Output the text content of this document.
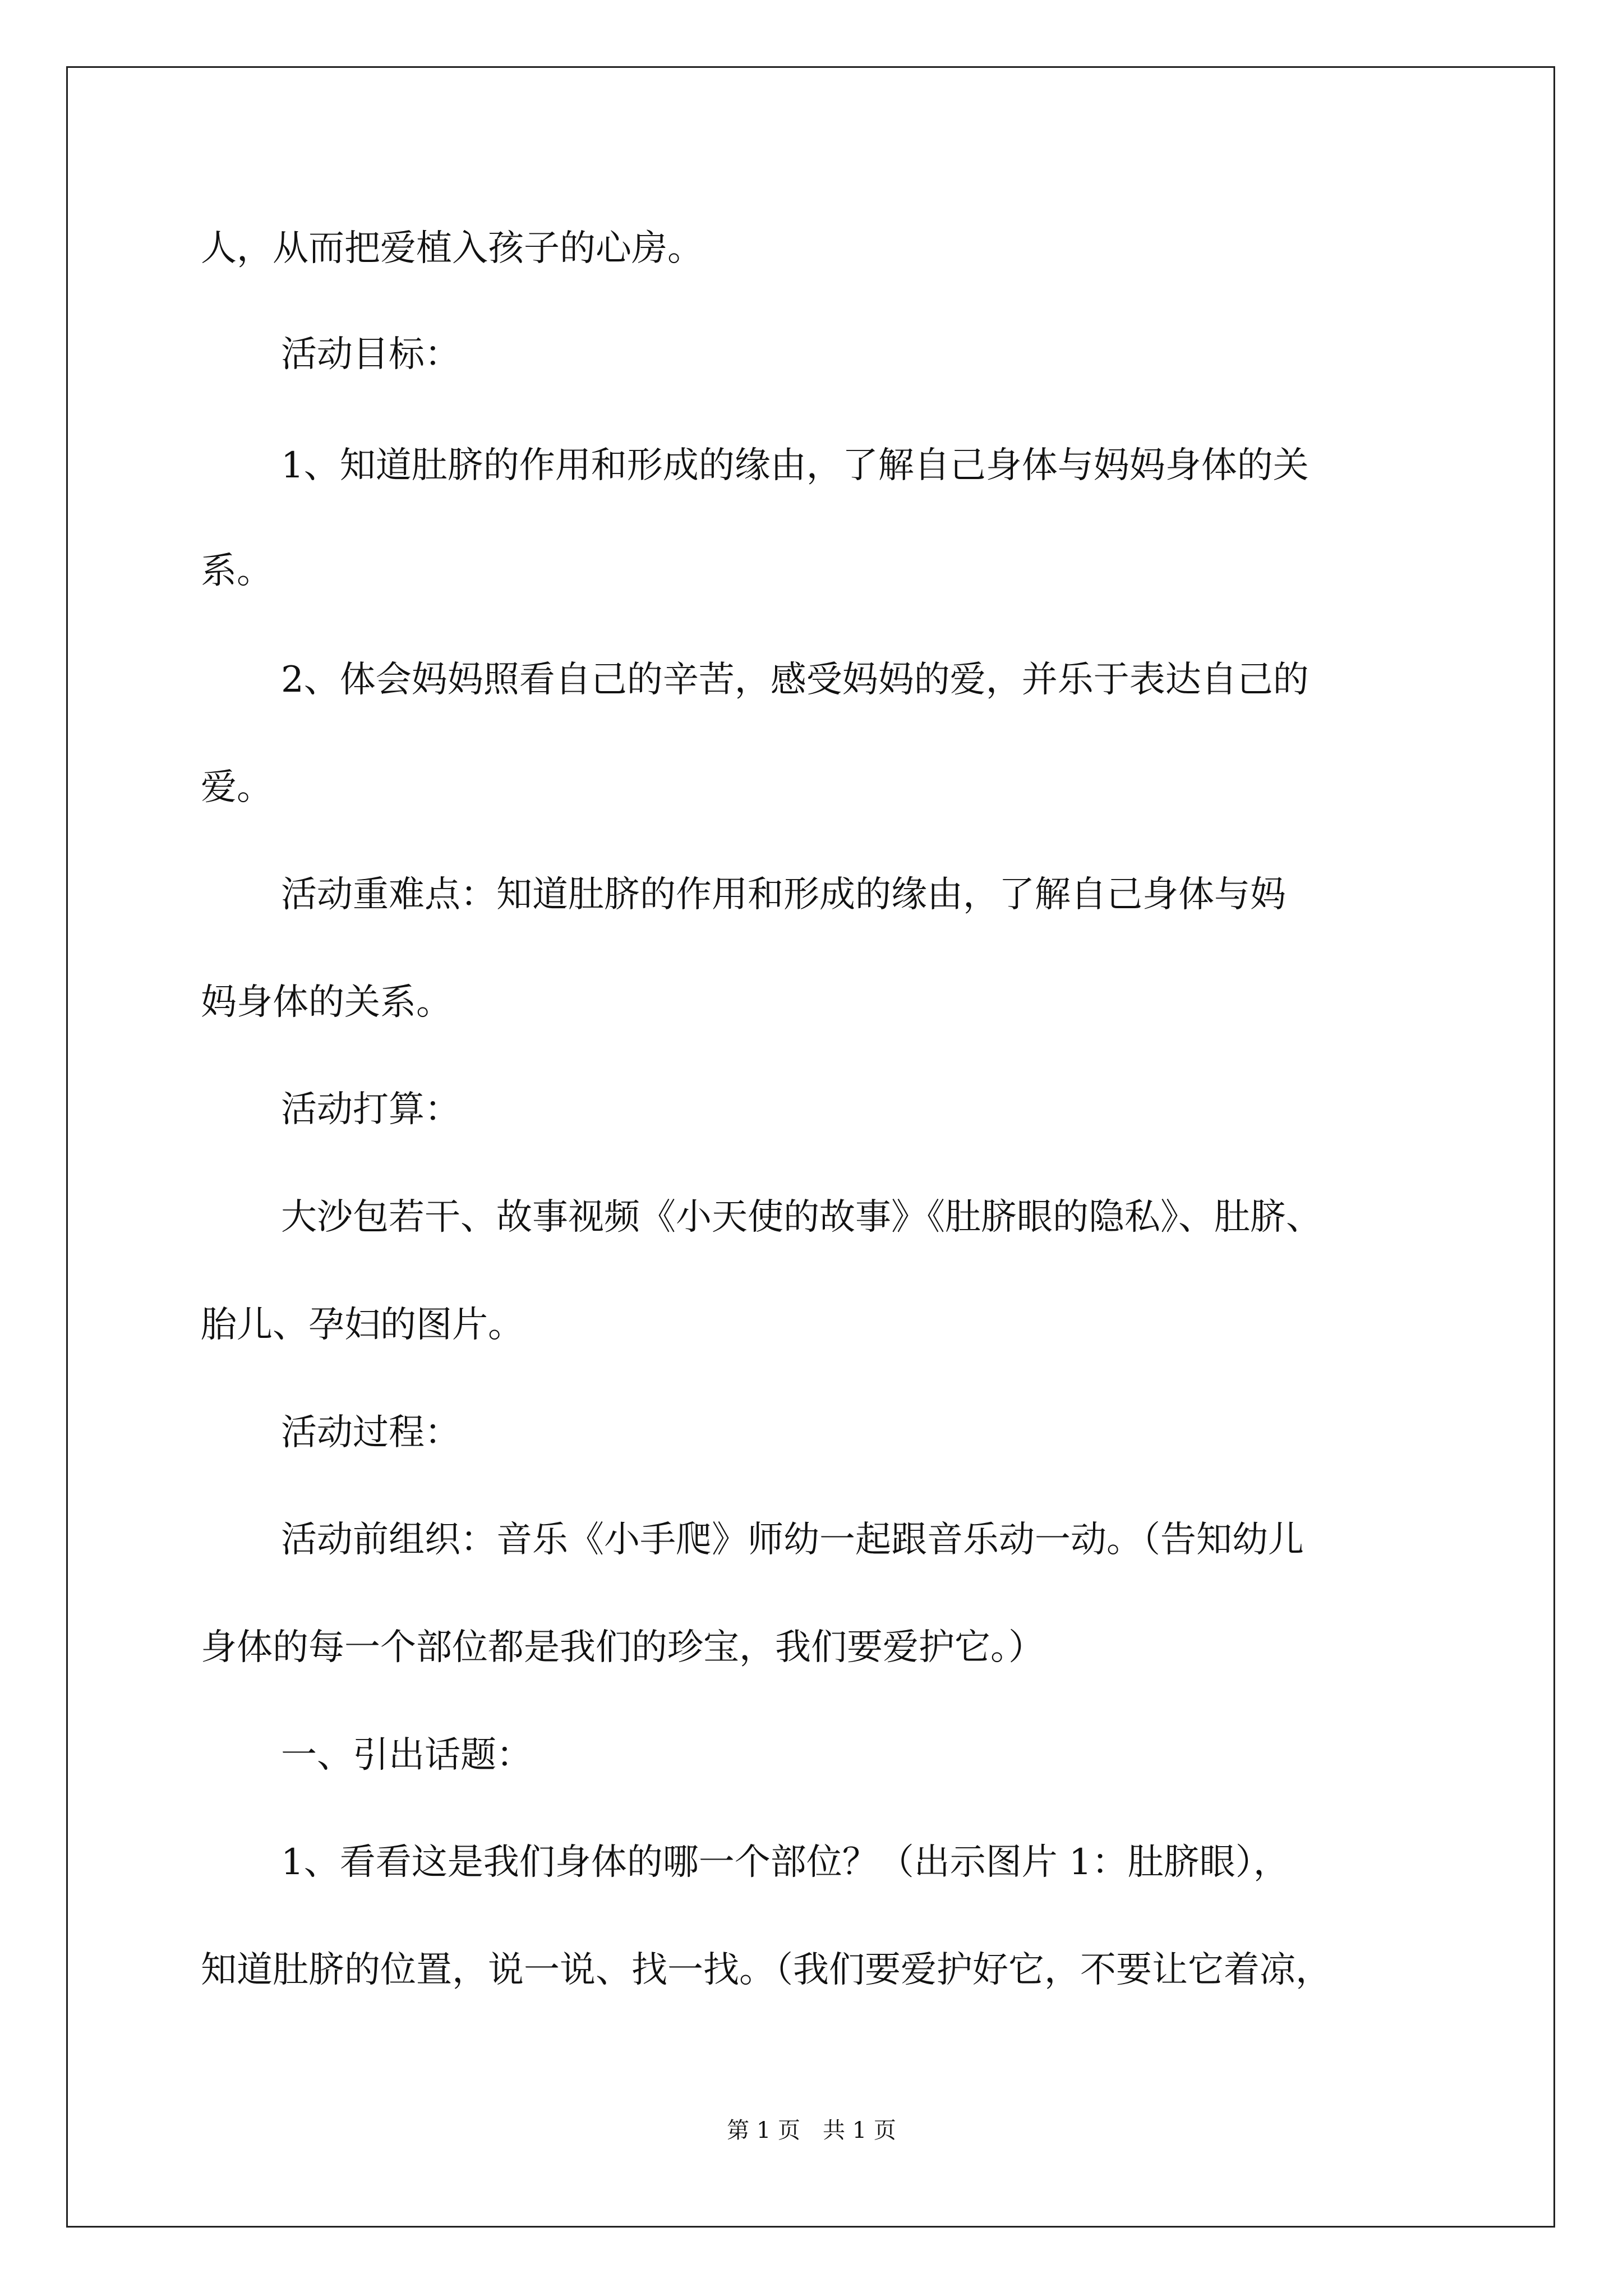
人，从而把爱植入孩子的心房。

活动目标：

1、知道肚脐的作用和形成的缘由，了解自己身体与妈妈身体的关

系。

2、体会妈妈照看自己的辛苦，感受妈妈的爱，并乐于表达自己的

爱。

活动重难点：知道肚脐的作用和形成的缘由，了解自己身体与妈

妈身体的关系。

活动打算：

大沙包若干、故事视频《小天使的故事》《肚脐眼的隐私》、肚脐、

胎儿、孕妇的图片。

活动过程：

活动前组织：音乐《小手爬》师幼一起跟音乐动一动。（告知幼儿

身体的每一个部位都是我们的珍宝，我们要爱护它。）

一、引出话题：

1、看看这是我们身体的哪一个部位？（出示图片 1：肚脐眼），

知道肚脐的位置，说一说、找一找。（我们要爱护好它，不要让它着凉，

第 1 页　共 1 页
